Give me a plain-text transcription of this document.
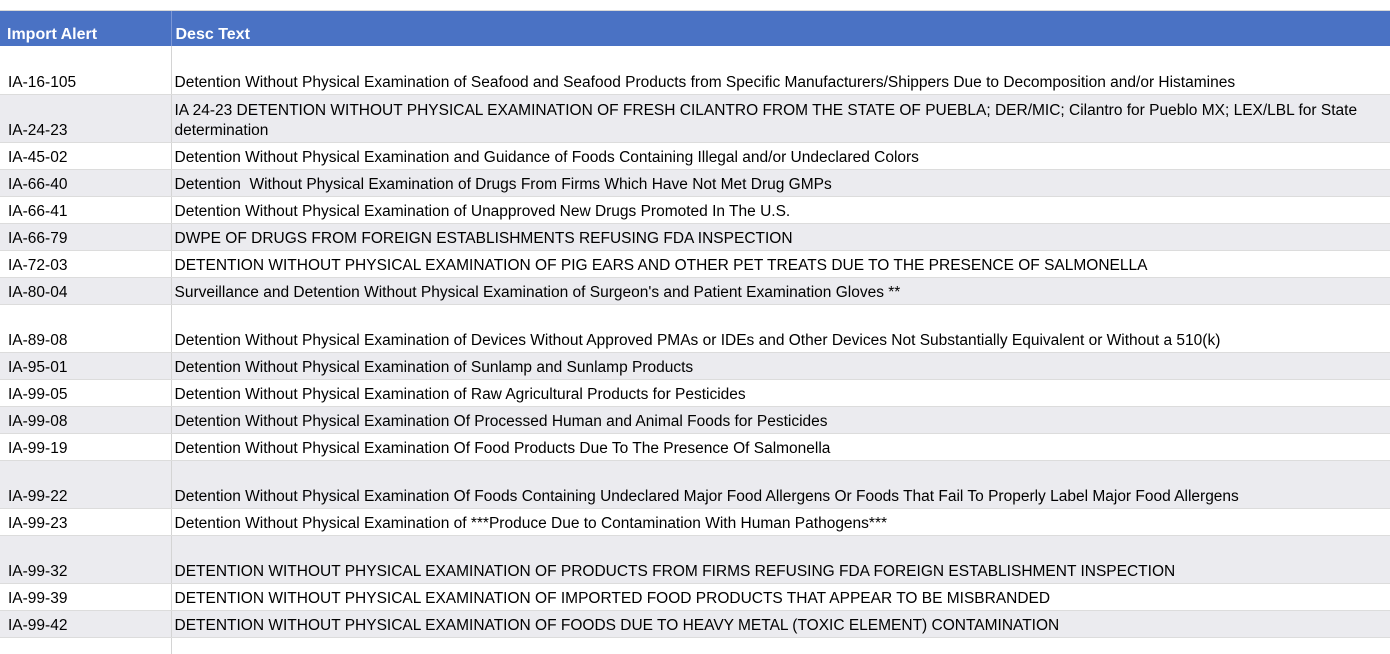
Import Alert	Desc Text
IA-16-105	Detention Without Physical Examination of Seafood and Seafood Products from Specific Manufacturers/Shippers Due to Decomposition and/or Histamines
IA-24-23	IA 24-23 DETENTION WITHOUT PHYSICAL EXAMINATION OF FRESH CILANTRO FROM THE STATE OF PUEBLA; DER/MIC; Cilantro for Pueblo MX; LEX/LBL for State determination
IA-45-02	Detention Without Physical Examination and Guidance of Foods Containing Illegal and/or Undeclared Colors
IA-66-40	Detention  Without Physical Examination of Drugs From Firms Which Have Not Met Drug GMPs
IA-66-41	Detention Without Physical Examination of Unapproved New Drugs Promoted In The U.S.
IA-66-79	DWPE OF DRUGS FROM FOREIGN ESTABLISHMENTS REFUSING FDA INSPECTION
IA-72-03	DETENTION WITHOUT PHYSICAL EXAMINATION OF PIG EARS AND OTHER PET TREATS DUE TO THE PRESENCE OF SALMONELLA
IA-80-04	Surveillance and Detention Without Physical Examination of Surgeon's and Patient Examination Gloves **
IA-89-08	Detention Without Physical Examination of Devices Without Approved PMAs or IDEs and Other Devices Not Substantially Equivalent or Without a 510(k)
IA-95-01	Detention Without Physical Examination of Sunlamp and Sunlamp Products
IA-99-05	Detention Without Physical Examination of Raw Agricultural Products for Pesticides
IA-99-08	Detention Without Physical Examination Of Processed Human and Animal Foods for Pesticides
IA-99-19	Detention Without Physical Examination Of Food Products Due To The Presence Of Salmonella
IA-99-22	Detention Without Physical Examination Of Foods Containing Undeclared Major Food Allergens Or Foods That Fail To Properly Label Major Food Allergens
IA-99-23	Detention Without Physical Examination of ***Produce Due to Contamination With Human Pathogens***
IA-99-32	DETENTION WITHOUT PHYSICAL EXAMINATION OF PRODUCTS FROM FIRMS REFUSING FDA FOREIGN ESTABLISHMENT INSPECTION
IA-99-39	DETENTION WITHOUT PHYSICAL EXAMINATION OF IMPORTED FOOD PRODUCTS THAT APPEAR TO BE MISBRANDED
IA-99-42	DETENTION WITHOUT PHYSICAL EXAMINATION OF FOODS DUE TO HEAVY METAL (TOXIC ELEMENT) CONTAMINATION
